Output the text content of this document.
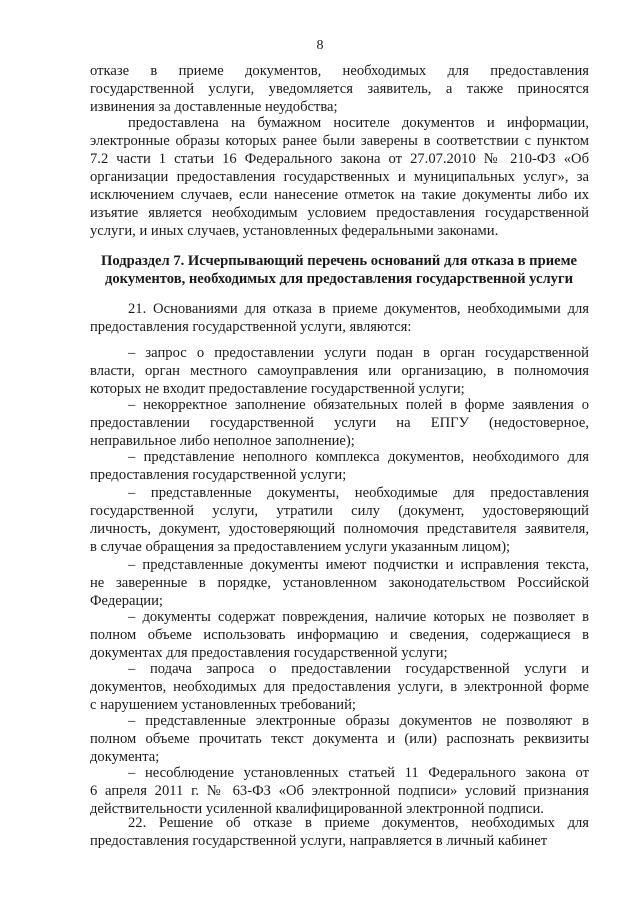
8
отказе в приеме документов, необходимых для предоставления
государственной услуги, уведомляется заявитель, а также приносятся
извинения за доставленные неудобства;
предоставлена на бумажном носителе документов и информации,
электронные образы которых ранее были заверены в соответствии с пунктом
7.2 части 1 статьи 16 Федерального закона от 27.07.2010 № 210-ФЗ «Об
организации предоставления государственных и муниципальных услуг», за
исключением случаев, если нанесение отметок на такие документы либо их
изъятие является необходимым условием предоставления государственной
услуги, и иных случаев, установленных федеральными законами.
Подраздел 7. Исчерпывающий перечень оснований для отказа в приеме
документов, необходимых для предоставления государственной услуги
21. Основаниями для отказа в приеме документов, необходимыми для
предоставления государственной услуги, являются:
– запрос о предоставлении услуги подан в орган государственной
власти, орган местного самоуправления или организацию, в полномочия
которых не входит предоставление государственной услуги;
– некорректное заполнение обязательных полей в форме заявления о
предоставлении государственной услуги на ЕПГУ (недостоверное,
неправильное либо неполное заполнение);
– представление неполного комплекса документов, необходимого для
предоставления государственной услуги;
– представленные документы, необходимые для предоставления
государственной услуги, утратили силу (документ, удостоверяющий
личность, документ, удостоверяющий полномочия представителя заявителя,
в случае обращения за предоставлением услуги указанным лицом);
– представленные документы имеют подчистки и исправления текста,
не заверенные в порядке, установленном законодательством Российской
Федерации;
– документы содержат повреждения, наличие которых не позволяет в
полном объеме использовать информацию и сведения, содержащиеся в
документах для предоставления государственной услуги;
– подача запроса о предоставлении государственной услуги и
документов, необходимых для предоставления услуги, в электронной форме
с нарушением установленных требований;
– представленные электронные образы документов не позволяют в
полном объеме прочитать текст документа и (или) распознать реквизиты
документа;
– несоблюдение установленных статьей 11 Федерального закона от
6 апреля 2011 г. № 63-ФЗ «Об электронной подписи» условий признания
действительности усиленной квалифицированной электронной подписи.
22. Решение об отказе в приеме документов, необходимых для
предоставления государственной услуги, направляется в личный кабинет
